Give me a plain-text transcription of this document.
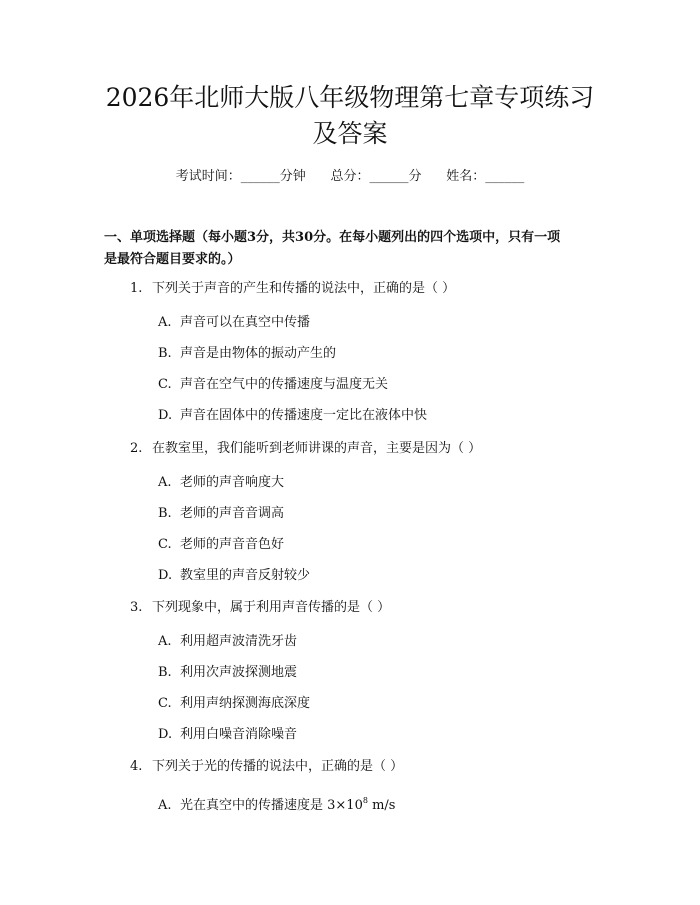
2026年北师大版八年级物理第七章专项练习
及答案
考试时间：______分钟      总分：______分      姓名：______

一、单项选择题（每小题3分，共30分。在每小题列出的四个选项中，只有一项

是最符合题目要求的。）

1. 下列关于声音的产生和传播的说法中，正确的是（ ）
A. 声音可以在真空中传播
B. 声音是由物体的振动产生的
C. 声音在空气中的传播速度与温度无关
D. 声音在固体中的传播速度一定比在液体中快
2. 在教室里，我们能听到老师讲课的声音，主要是因为（ ）
A. 老师的声音响度大
B. 老师的声音音调高
C. 老师的声音音色好
D. 教室里的声音反射较少
3. 下列现象中，属于利用声音传播的是（ ）
A. 利用超声波清洗牙齿
B. 利用次声波探测地震
C. 利用声纳探测海底深度
D. 利用白噪音消除噪音
4. 下列关于光的传播的说法中，正确的是（ ）
A. 光在真空中的传播速度是 $3\times 10^8$ m/s
